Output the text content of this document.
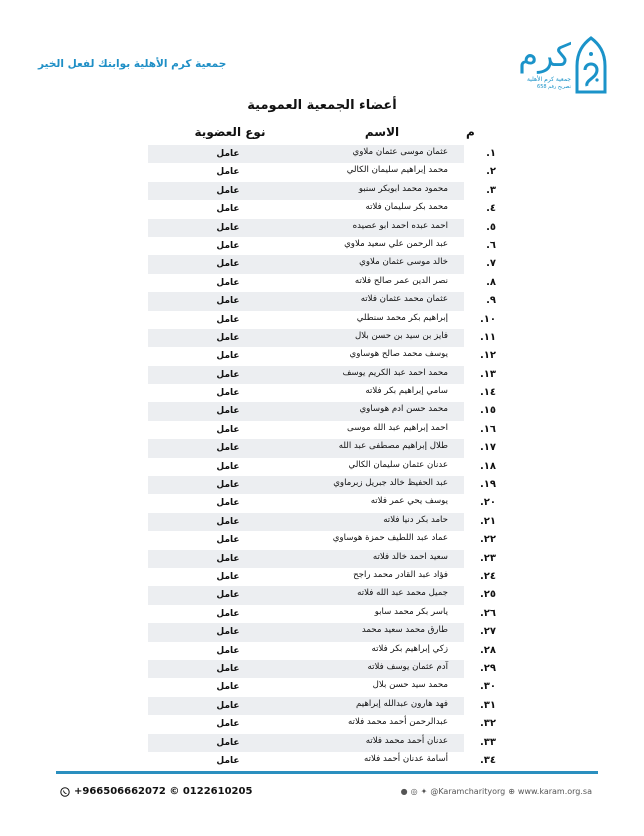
جمعية كرم الأهلية بوابتك لفعل الخير	كرم
جمعية كرم الأهلية
تصريح رقم 658
أعضاء الجمعية العمومية
م
الاسم
نوع العضوية
١.
عثمان موسى عثمان ملاوي
عامل
٢.
محمد إبراهيم سليمان الكالي
عامل
٣.
محمود محمد ابوبكر سنبو
عامل
٤.
محمد بكر سليمان فلاته
عامل
٥.
احمد عبده احمد ابو عصيده
عامل
٦.
عبد الرحمن علي سعيد ملاوي
عامل
٧.
خالد موسى عثمان ملاوي
عامل
٨.
نصر الدين عمر صالح فلاته
عامل
٩.
عثمان محمد عثمان فلاته
عامل
١٠.
إبراهيم بكر محمد سنطلي
عامل
١١.
فايز بن سيد بن حسن بلال
عامل
١٢.
يوسف محمد صالح هوساوي
عامل
١٣.
محمد احمد عبد الكريم يوسف
عامل
١٤.
سامي إبراهيم بكر فلاته
عامل
١٥.
محمد حسن ادم هوساوي
عامل
١٦.
احمد إبراهيم عبد الله موسى
عامل
١٧.
طلال إبراهيم مصطفى عبد الله
عامل
١٨.
عدنان عثمان سليمان الكالي
عامل
١٩.
عبد الحفيظ خالد جبريل زبرماوي
عامل
٢٠.
يوسف يحي عمر فلاته
عامل
٢١.
حامد بكر دنيا فلاته
عامل
٢٢.
عماد عبد اللطيف حمزة هوساوي
عامل
٢٣.
سعيد احمد خالد فلاته
عامل
٢٤.
فؤاد عبد القادر محمد راجح
عامل
٢٥.
جميل محمد عبد الله فلاته
عامل
٢٦.
ياسر بكر محمد سابو
عامل
٢٧.
طارق محمد سعيد محمد
عامل
٢٨.
زكي إبراهيم بكر فلاته
عامل
٢٩.
آدم عثمان يوسف فلاته
عامل
٣٠.
محمد سيد حسن بلال
عامل
٣١.
فهد هارون عبدالله إبراهيم
عامل
٣٢.
عبدالرحمن أحمد محمد فلاته
عامل
٣٣.
عدنان أحمد محمد فلاته
عامل
٣٤.
أسامة عدنان أحمد فلاته
عامل
+966506662072 © 0122610205	● ◎ ✦ @Karamcharityorg ⊕ www.karam.org.sa
